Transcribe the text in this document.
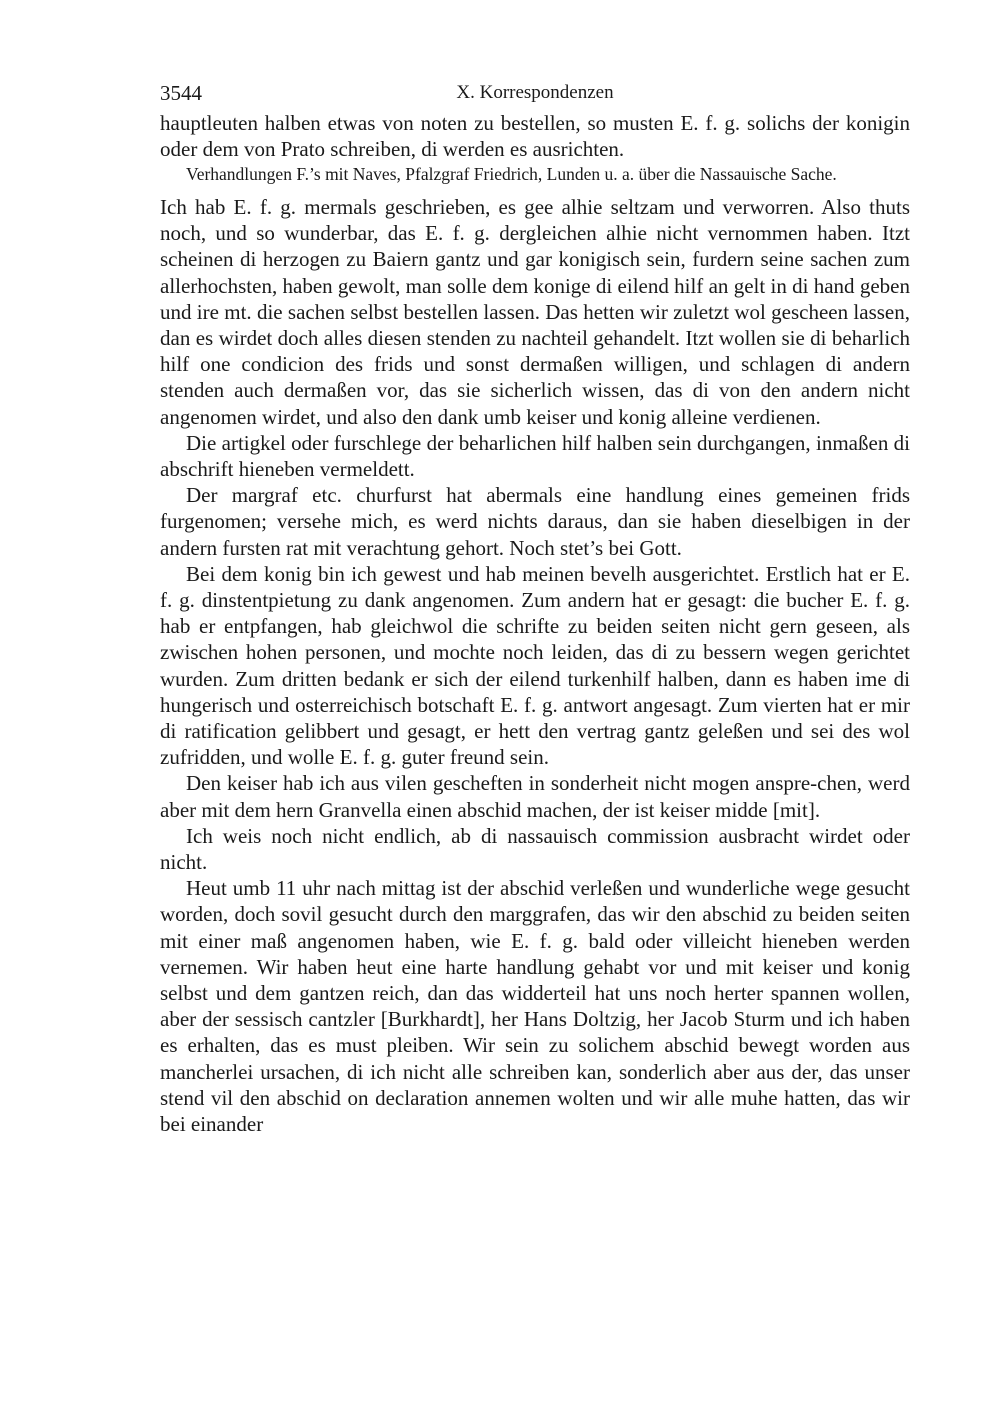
3544	X. Korrespondenzen

hauptleuten halben etwas von noten zu bestellen, so musten E. f. g. solichs der konigin oder dem von Prato schreiben, di werden es ausrichten.

Verhandlungen F.’s mit Naves, Pfalzgraf Friedrich, Lunden u. a. über die Nassauische Sache.

Ich hab E. f. g. mermals geschrieben, es gee alhie seltzam und verworren. Also thuts noch, und so wunderbar, das E. f. g. dergleichen alhie nicht vernommen haben. Itzt scheinen di herzogen zu Baiern gantz und gar konigisch sein, furdern seine sachen zum allerhochsten, haben gewolt, man solle dem konige di eilend hilf an gelt in di hand geben und ire mt. die sachen selbst bestellen lassen. Das hetten wir zuletzt wol gescheen lassen, dan es wirdet doch alles diesen stenden zu nachteil gehandelt. Itzt wollen sie di beharlich hilf one condicion des frids und sonst dermaßen willigen, und schlagen di andern stenden auch dermaßen vor, das sie sicherlich wissen, das di von den andern nicht angenomen wirdet, und also den dank umb keiser und konig alleine verdienen.

Die artigkel oder furschlege der beharlichen hilf halben sein durchgangen, inmaßen di abschrift hieneben vermeldett.

Der margraf etc. churfurst hat abermals eine handlung eines gemeinen frids furgenomen; versehe mich, es werd nichts daraus, dan sie haben dieselbigen in der andern fursten rat mit verachtung gehort. Noch stet’s bei Gott.

Bei dem konig bin ich gewest und hab meinen bevelh ausgerichtet. Erstlich hat er E. f. g. dinstentpietung zu dank angenomen. Zum andern hat er gesagt: die bucher E. f. g. hab er entpfangen, hab gleichwol die schrifte zu beiden seiten nicht gern geseen, als zwischen hohen personen, und mochte noch leiden, das di zu bessern wegen gerichtet wurden. Zum dritten bedank er sich der eilend turkenhilf halben, dann es haben ime di hungerisch und osterreichisch botschaft E. f. g. antwort angesagt. Zum vierten hat er mir di ratification gelibbert und gesagt, er hett den vertrag gantz geleßen und sei des wol zufridden, und wolle E. f. g. guter freund sein.

Den keiser hab ich aus vilen gescheften in sonderheit nicht mogen anspre-chen, werd aber mit dem hern Granvella einen abschid machen, der ist keiser midde [mit].

Ich weis noch nicht endlich, ab di nassauisch commission ausbracht wirdet oder nicht.

Heut umb 11 uhr nach mittag ist der abschid verleßen und wunderliche wege gesucht worden, doch sovil gesucht durch den marggrafen, das wir den abschid zu beiden seiten mit einer maß angenomen haben, wie E. f. g. bald oder villeicht hieneben werden vernemen. Wir haben heut eine harte handlung gehabt vor und mit keiser und konig selbst und dem gantzen reich, dan das widderteil hat uns noch herter spannen wollen, aber der sessisch cantzler [Burkhardt], her Hans Doltzig, her Jacob Sturm und ich haben es erhalten, das es must pleiben. Wir sein zu solichem abschid bewegt worden aus mancherlei ursachen, di ich nicht alle schreiben kan, sonderlich aber aus der, das unser stend vil den abschid on declaration annemen wolten und wir alle muhe hatten, das wir bei einander
